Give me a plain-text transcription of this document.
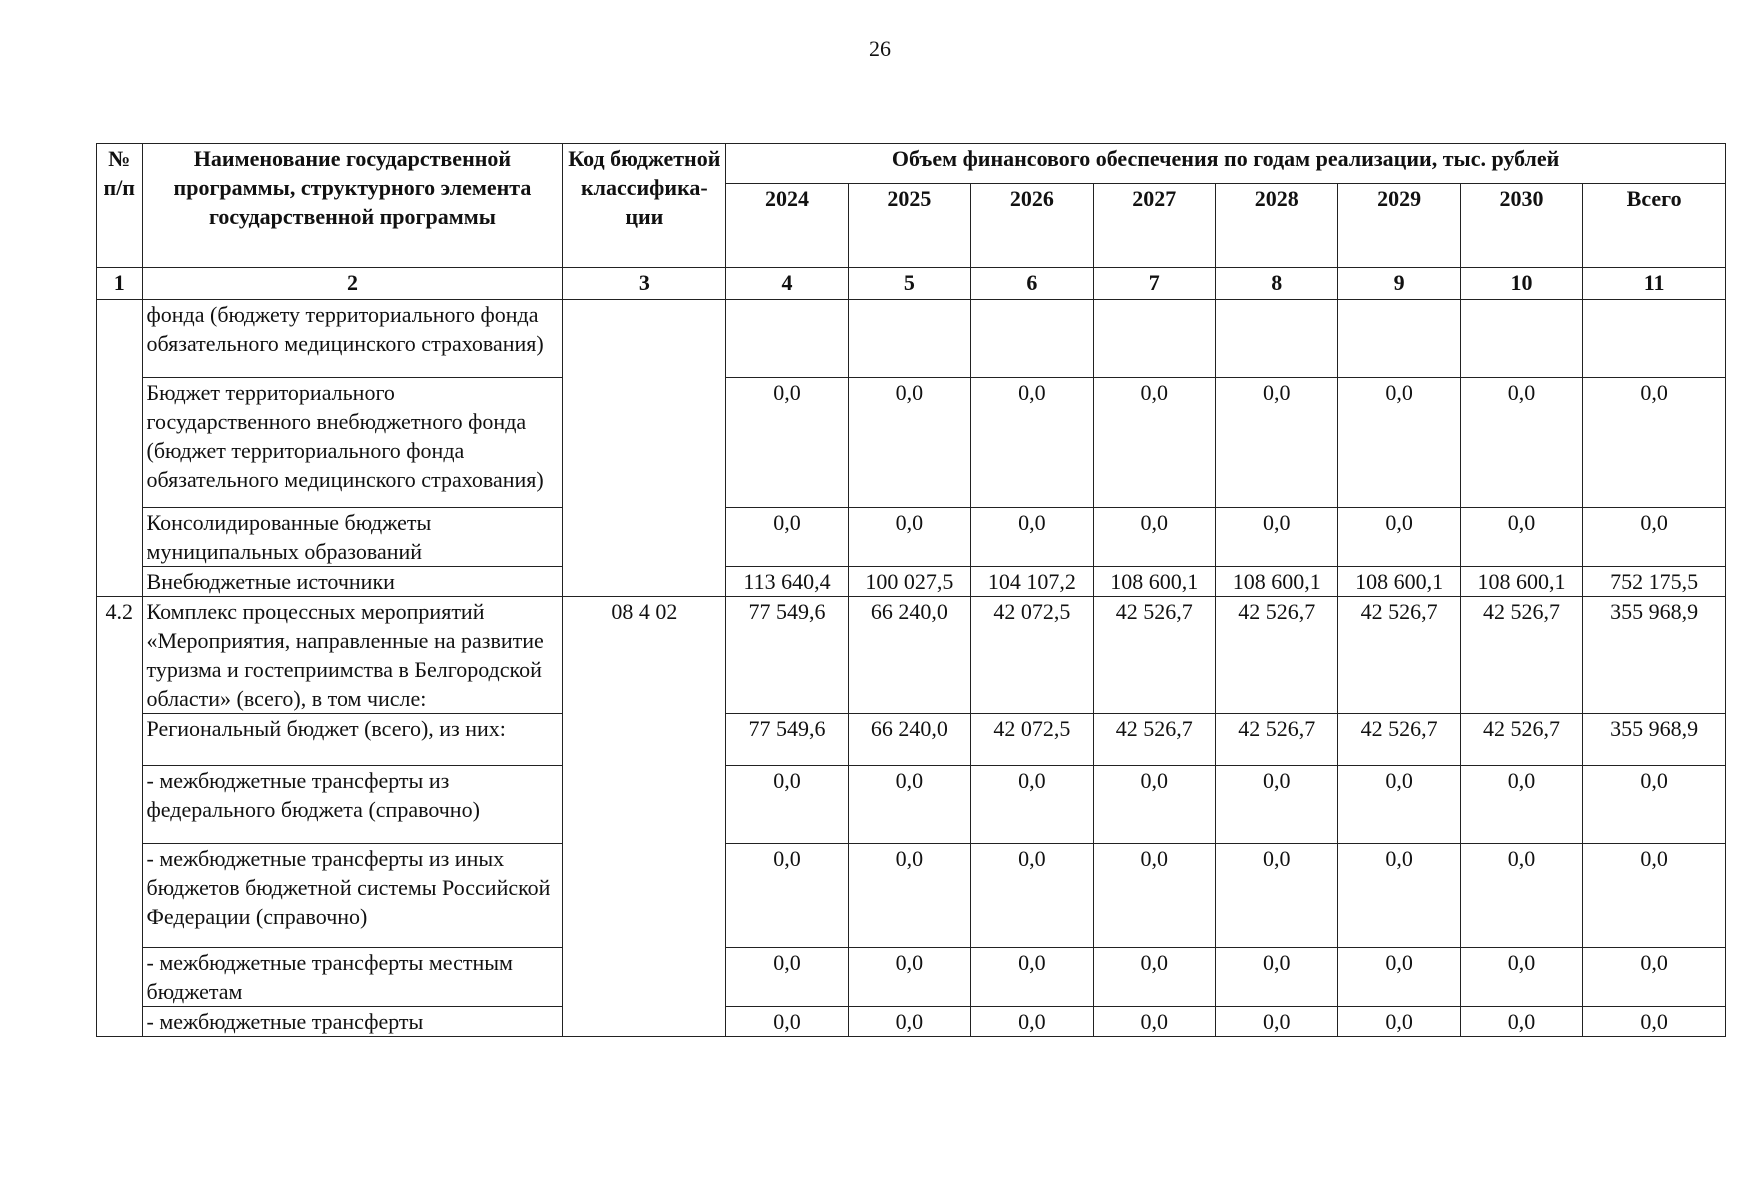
26
№ п/п	Наименование государственной программы, структурного элемента государственной программы	Код бюджетной классифика-ции	Объем финансового обеспечения по годам реализации, тыс. рублей							
			2024	2025	2026	2027	2028	2029	2030	Всего
1	2	3	4	5	6	7	8	9	10	11
	фонда (бюджету территориального фонда обязательного медицинского страхования)									
	Бюджет территориального государственного внебюджетного фонда (бюджет территориального фонда обязательного медицинского страхования)		0,0	0,0	0,0	0,0	0,0	0,0	0,0	0,0
	Консолидированные бюджеты муниципальных образований		0,0	0,0	0,0	0,0	0,0	0,0	0,0	0,0
	Внебюджетные источники		113 640,4	100 027,5	104 107,2	108 600,1	108 600,1	108 600,1	108 600,1	752 175,5
4.2	Комплекс процессных мероприятий «Мероприятия, направленные на развитие туризма и гостеприимства в Белгородской области» (всего), в том числе:	08 4 02	77 549,6	66 240,0	42 072,5	42 526,7	42 526,7	42 526,7	42 526,7	355 968,9
	Региональный бюджет (всего), из них:		77 549,6	66 240,0	42 072,5	42 526,7	42 526,7	42 526,7	42 526,7	355 968,9
	- межбюджетные трансферты из федерального бюджета (справочно)		0,0	0,0	0,0	0,0	0,0	0,0	0,0	0,0
	- межбюджетные трансферты из иных бюджетов бюджетной системы Российской Федерации (справочно)		0,0	0,0	0,0	0,0	0,0	0,0	0,0	0,0
	- межбюджетные трансферты местным бюджетам		0,0	0,0	0,0	0,0	0,0	0,0	0,0	0,0
	- межбюджетные трансферты		0,0	0,0	0,0	0,0	0,0	0,0	0,0	0,0
